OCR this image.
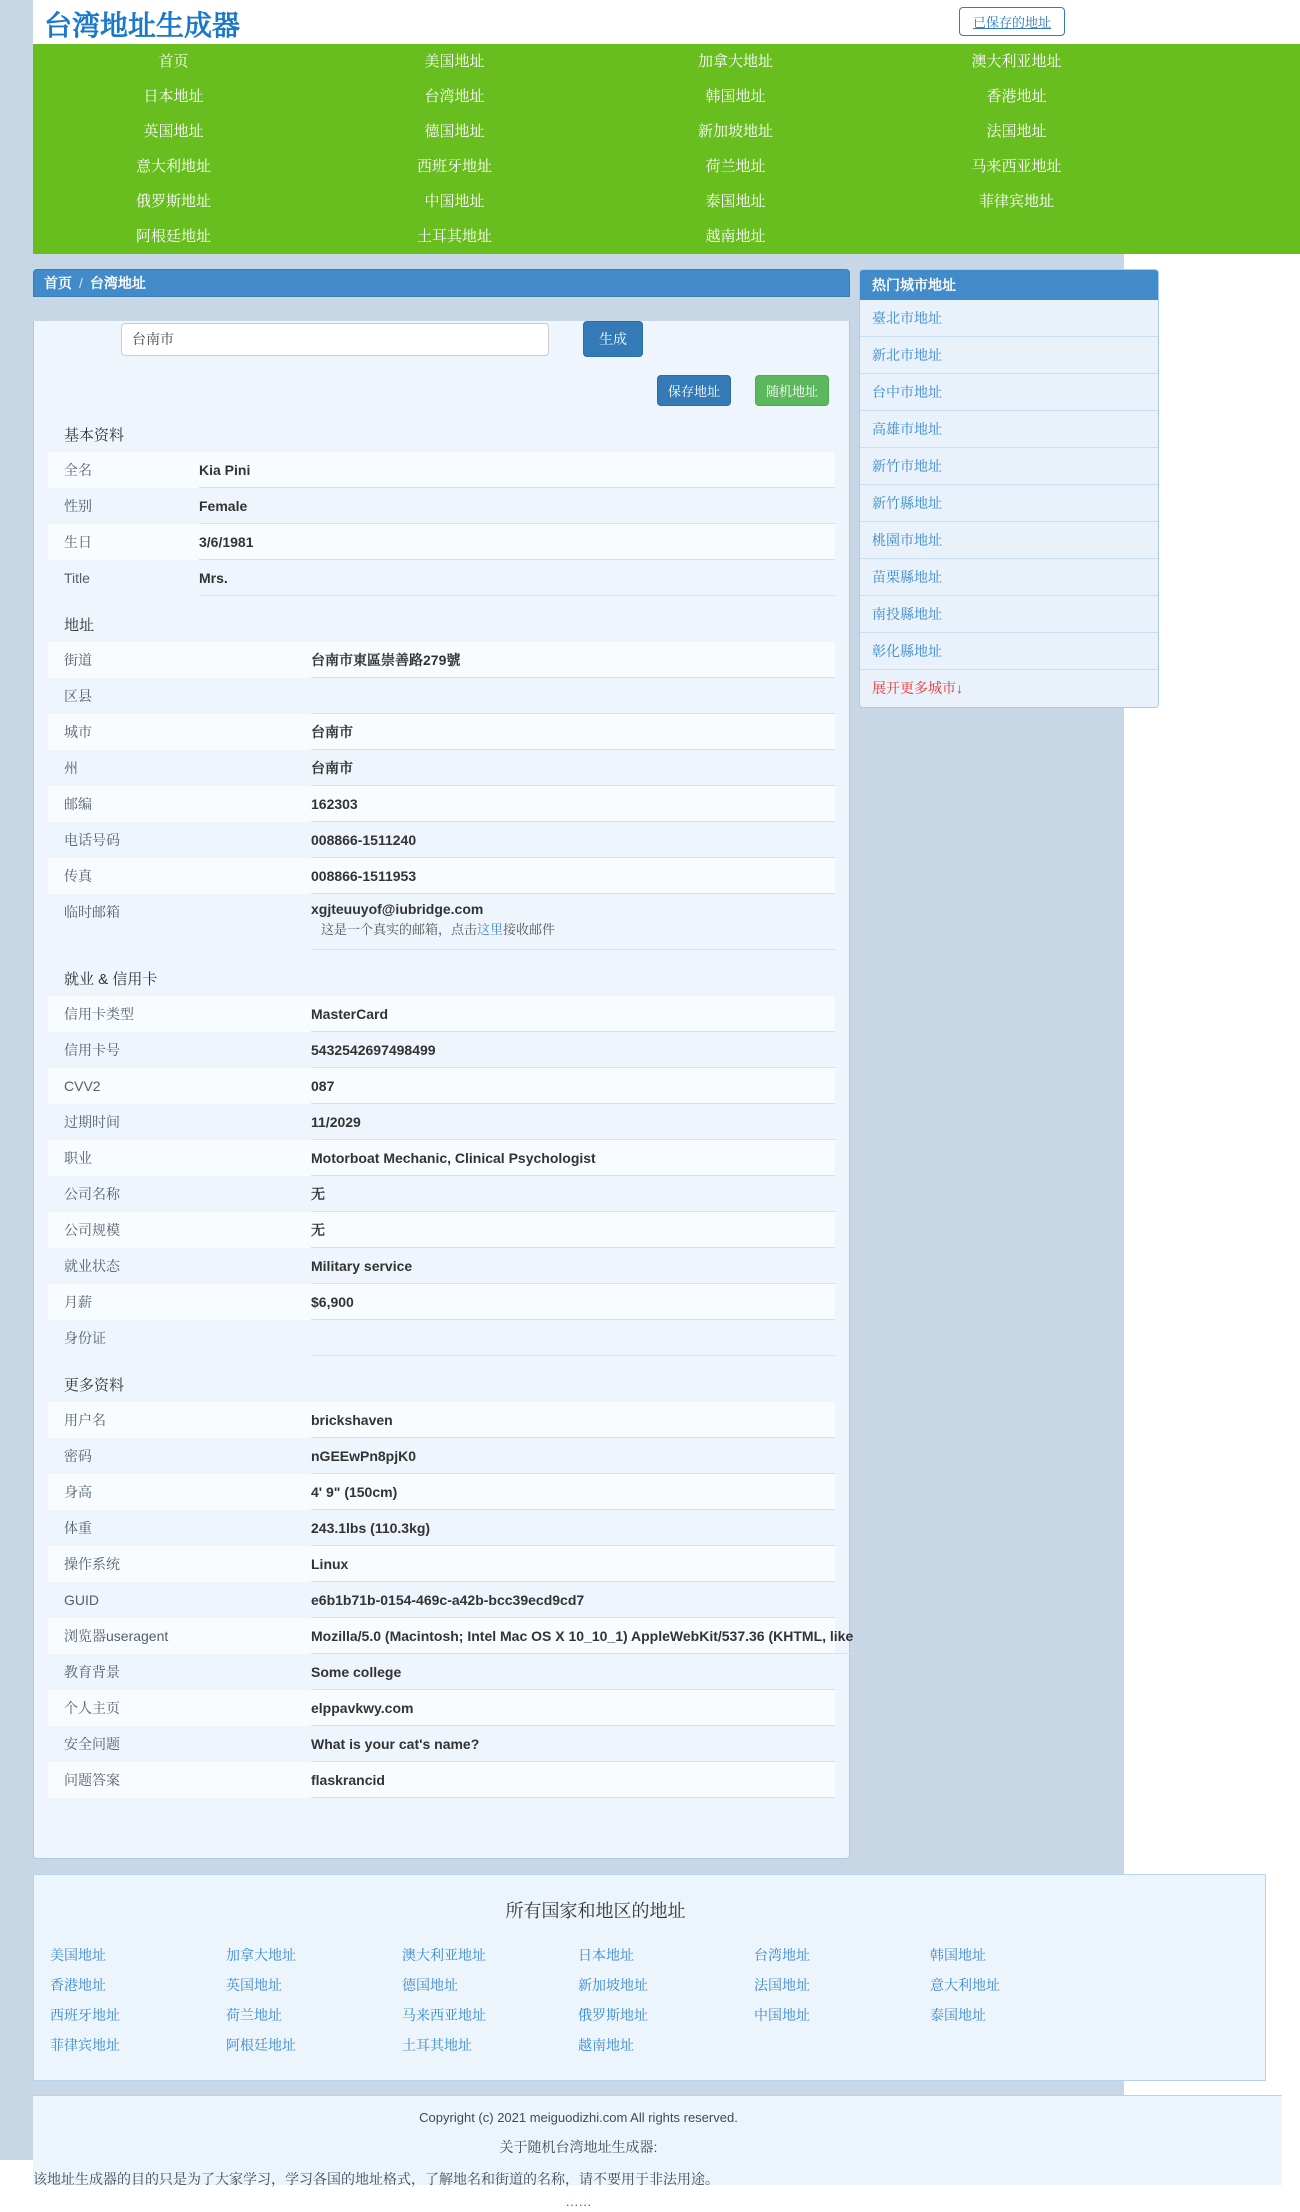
台湾地址生成器
首页	美国地址	加拿大地址	澳大利亚地址
日本地址	台湾地址	韩国地址	香港地址
英国地址	德国地址	新加坡地址	法国地址
意大利地址	西班牙地址	荷兰地址	马来西亚地址
俄罗斯地址	中国地址	泰国地址	菲律宾地址
阿根廷地址	土耳其地址	越南地址
首页 / 台湾地址
台南市
生成
保存地址	随机地址
基本资料
全名	Kia Pini
性别	Female
生日	3/6/1981
Title	Mrs.
地址
街道	台南市東區崇善路279號
区县
城市	台南市
州	台南市
邮编	162303
电话号码	008866-1511240
传真	008866-1511953
临时邮箱	xgjteuuyof@iubridge.com
这是一个真实的邮箱，点击这里接收邮件
就业 & 信用卡
信用卡类型	MasterCard
信用卡号	5432542697498499
CVV2	087
过期时间	11/2029
职业	Motorboat Mechanic, Clinical Psychologist
公司名称	无
公司规模	无
就业状态	Military service
月薪	$6,900
身份证
更多资料
用户名	brickshaven
密码	nGEEwPn8pjK0
身高	4' 9" (150cm)
体重	243.1lbs (110.3kg)
操作系统	Linux
GUID	e6b1b71b-0154-469c-a42b-bcc39ecd9cd7
浏览器useragent	Mozilla/5.0 (Macintosh; Intel Mac OS X 10_10_1) AppleWebKit/537.36 (KHTML, like
教育背景	Some college
个人主页	elppavkwy.com
安全问题	What is your cat's name?
问题答案	flaskrancid
热门城市地址
臺北市地址
新北市地址
台中市地址
高雄市地址
新竹市地址
新竹縣地址
桃園市地址
苗栗縣地址
南投縣地址
彰化縣地址
展开更多城市↓
所有国家和地区的地址
美国地址	加拿大地址	澳大利亚地址	日本地址	台湾地址	韩国地址
香港地址	英国地址	德国地址	新加坡地址	法国地址	意大利地址
西班牙地址	荷兰地址	马来西亚地址	俄罗斯地址	中国地址	泰国地址
菲律宾地址	阿根廷地址	土耳其地址	越南地址
Copyright (c) 2021 meiguodizhi.com All rights reserved.
关于随机台湾地址生成器:
该地址生成器的目的只是为了大家学习，学习各国的地址格式，了解地名和街道的名称，请不要用于非法用途。
······
已保存的地址
